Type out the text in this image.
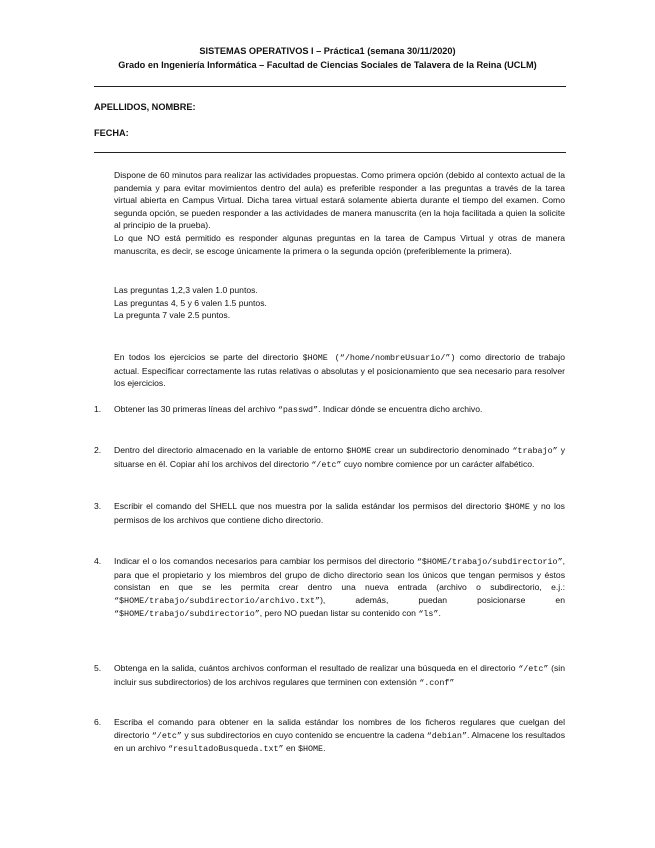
SISTEMAS OPERATIVOS I – Práctica1 (semana 30/11/2020)
Grado en Ingeniería Informática – Facultad de Ciencias Sociales de Talavera de la Reina (UCLM)
APELLIDOS, NOMBRE:
FECHA:

Dispone de 60 minutos para realizar las actividades propuestas. Como primera opción (debido al contexto actual de la pandemia y para evitar movimientos dentro del aula) es preferible responder a las preguntas a través de la tarea virtual abierta en Campus Virtual. Dicha tarea virtual estará solamente abierta durante el tiempo del examen. Como segunda opción, se pueden responder a las actividades de manera manuscrita (en la hoja facilitada a quien la solicite al principio de la prueba).
Lo que NO está permitido es responder algunas preguntas en la tarea de Campus Virtual y otras de manera manuscrita, es decir, se escoge únicamente la primera o la segunda opción (preferiblemente la primera).

Las preguntas 1,2,3 valen 1.0 puntos.
Las preguntas 4, 5 y 6 valen 1.5 puntos.
La pregunta 7 vale 2.5 puntos.

En todos los ejercicios se parte del directorio $HOME (“/home/nombreUsuario/”) como directorio de trabajo actual. Especificar correctamente las rutas relativas o absolutas y el posicionamiento que sea necesario para resolver los ejercicios.

1.	Obtener las 30 primeras líneas del archivo “passwd”. Indicar dónde se encuentra dicho archivo.
2.	Dentro del directorio almacenado en la variable de entorno $HOME crear un subdirectorio denominado “trabajo” y situarse en él. Copiar ahí los archivos del directorio “/etc” cuyo nombre comience por un carácter alfabético.
3.	Escribir el comando del SHELL que nos muestra por la salida estándar los permisos del directorio $HOME y no los permisos de los archivos que contiene dicho directorio.
4.	Indicar el o los comandos necesarios para cambiar los permisos del directorio “$HOME/trabajo/subdirectorio”, para que el propietario y los miembros del grupo de dicho directorio sean los únicos que tengan permisos y éstos consistan en que se les permita crear dentro una nueva entrada (archivo o subdirectorio, e.j.: “$HOME/trabajo/subdirectorio/archivo.txt”), además, puedan posicionarse en “$HOME/trabajo/subdirectorio”, pero NO puedan listar su contenido con “ls”.
5.	Obtenga en la salida, cuántos archivos conforman el resultado de realizar una búsqueda en el directorio “/etc” (sin incluir sus subdirectorios) de los archivos regulares que terminen con extensión “.conf”
6.	Escriba el comando para obtener en la salida estándar los nombres de los ficheros regulares que cuelgan del directorio “/etc” y sus subdirectorios en cuyo contenido se encuentre la cadena “debian”. Almacene los resultados en un archivo “resultadoBusqueda.txt” en $HOME.
